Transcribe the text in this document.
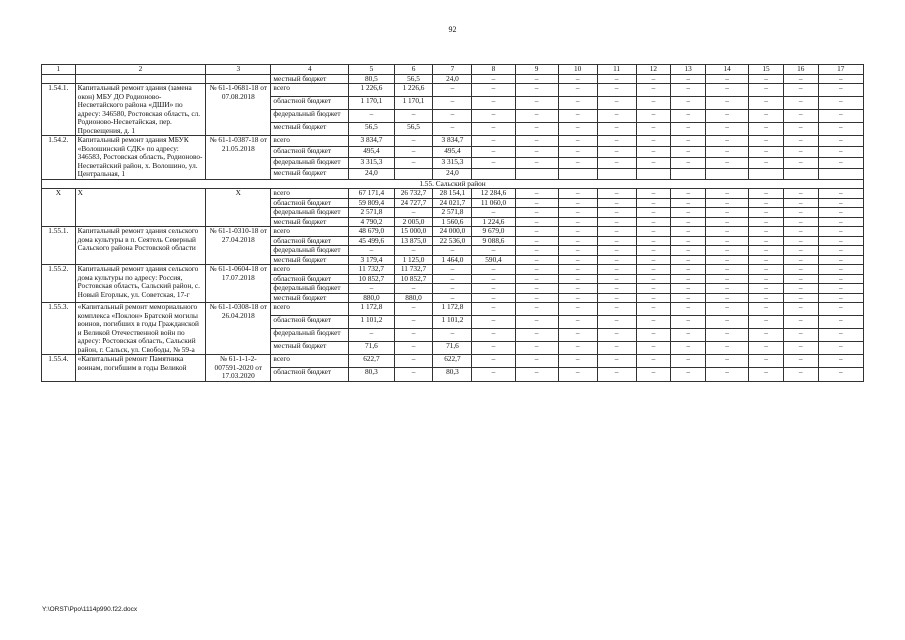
92
1	2	3	4	5	6	7	8	9	10	11	12	13	14	15	16	17
			местный бюджет	80,5	56,5	24,0	–	–	–	–	–	–	–	–	–	–
1.54.1.	Капитальный ремонт здания (замена окон) МБУ ДО Родионово-Несветайского района «ДШИ» по адресу: 346580, Ростовская область, сл. Родионово-Несветайская, пер. Просвещения, д. 1	№ 61-1-0681-18 от 07.08.2018	всего	1 226,6	1 226,6	–	–	–	–	–	–	–	–	–	–	–
			областной бюджет	1 170,1	1 170,1	–	–	–	–	–	–	–	–	–	–	–
			федеральный бюджет	–	–	–	–	–	–	–	–	–	–	–	–	–
			местный бюджет	56,5	56,5	–	–	–	–	–	–	–	–	–	–	–
1.54.2.	Капитальный ремонт здания МБУК «Волошинский СДК» по адресу: 346583, Ростовская область, Родионово-Несветайский район, х. Волошино, ул. Центральная, 1	№ 61-1-0387-18 от 21.05.2018	всего	3 834,7	–	3 834,7	–	–	–	–	–	–	–	–	–	–
			областной бюджет	495,4	–	495,4	–	–	–	–	–	–	–	–	–	–
			федеральный бюджет	3 315,3	–	3 315,3	–	–	–	–	–	–	–	–	–	–
			местный бюджет	24,0		24,0										
1.55. Сальский район																
X	X	X	всего	67 171,4	26 732,7	28 154,1	12 284,6	–	–	–	–	–	–	–	–	–
			областной бюджет	59 809,4	24 727,7	24 021,7	11 060,0	–	–	–	–	–	–	–	–	–
			федеральный бюджет	2 571,8	–	2 571,8	–	–	–	–	–	–	–	–	–	–
			местный бюджет	4 790,2	2 005,0	1 560,6	1 224,6	–	–	–	–	–	–	–	–	–
1.55.1.	Капитальный ремонт здания сельского дома культуры в п. Сеятель Северный Сальского района Ростовской области	№ 61-1-0310-18 от 27.04.2018	всего	48 679,0	15 000,0	24 000,0	9 679,0	–	–	–	–	–	–	–	–	–
			областной бюджет	45 499,6	13 875,0	22 536,0	9 088,6	–	–	–	–	–	–	–	–	–
			федеральный бюджет	–	–	–	–	–	–	–	–	–	–	–	–	–
			местный бюджет	3 179,4	1 125,0	1 464,0	590,4	–	–	–	–	–	–	–	–	–
1.55.2.	Капитальный ремонт здания сельского дома культуры по адресу: Россия, Ростовская область, Сальский район, с. Новый Егорлык, ул. Советская, 17-г	№ 61-1-0604-18 от 17.07.2018	всего	11 732,7	11 732,7	–	–	–	–	–	–	–	–	–	–	–
			областной бюджет	10 852,7	10 852,7	–	–	–	–	–	–	–	–	–	–	–
			федеральный бюджет	–	–	–	–	–	–	–	–	–	–	–	–	–
			местный бюджет	880,0	880,0	–	–	–	–	–	–	–	–	–	–	–
1.55.3.	«Капитальный ремонт мемориального комплекса «Поклон» Братской могилы воинов, погибших в годы Гражданской и Великой Отечественной войн по адресу: Ростовская область, Сальский район, г. Сальск, ул. Свободы, № 59-а	№ 61-1-0308-18 от 26.04.2018	всего	1 172,8	–	1 172,8	–	–	–	–	–	–	–	–	–	–
			областной бюджет	1 101,2	–	1 101,2	–	–	–	–	–	–	–	–	–	–
			федеральный бюджет	–	–	–	–	–	–	–	–	–	–	–	–	–
			местный бюджет	71,6	–	71,6	–	–	–	–	–	–	–	–	–	–
1.55.4.	«Капитальный ремонт Памятника воинам, погибшим в годы Великой	№ 61-1-1-2-007591-2020 от 17.03.2020	всего	622,7	–	622,7	–	–	–	–	–	–	–	–	–	–
			областной бюджет	80,3	–	80,3	–	–	–	–	–	–	–	–	–	–
Y:\ORST\Ppo\1114p990.f22.docx
